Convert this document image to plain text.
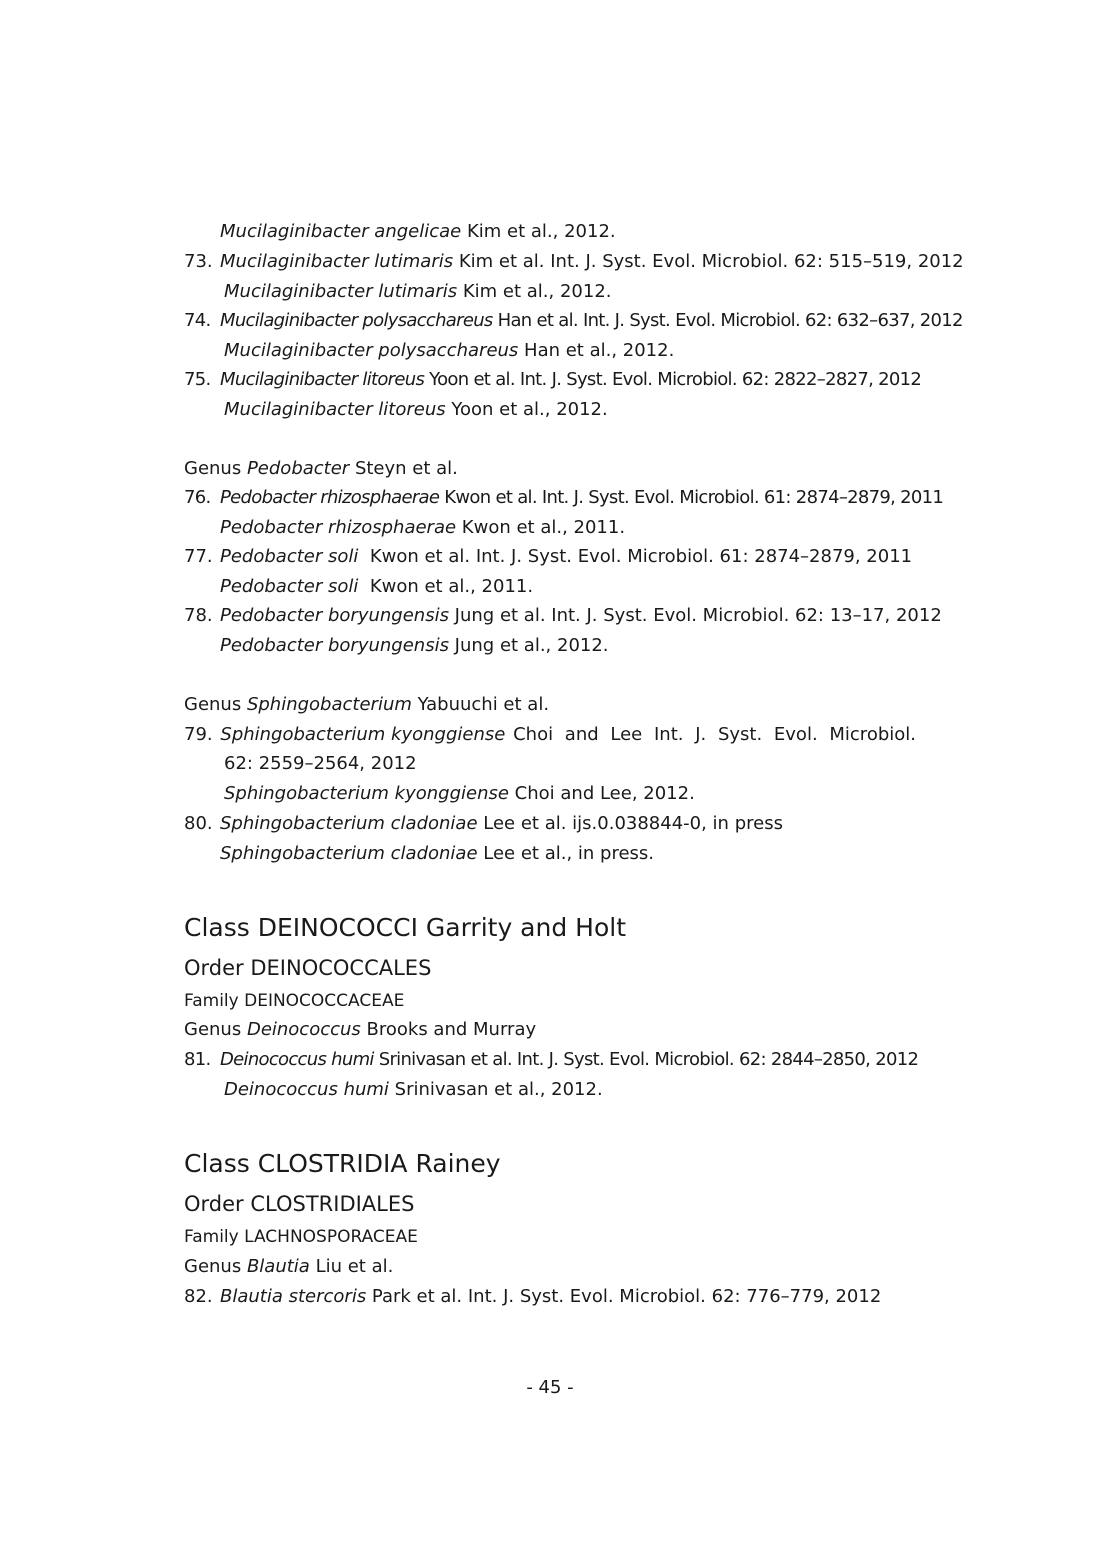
Mucilaginibacter angelicae Kim et al., 2012.
73. Mucilaginibacter lutimaris Kim et al. Int. J. Syst. Evol. Microbiol. 62: 515–519, 2012
Mucilaginibacter lutimaris Kim et al., 2012.
74. Mucilaginibacter polysacchareus Han et al. Int. J. Syst. Evol. Microbiol. 62: 632–637, 2012
Mucilaginibacter polysacchareus Han et al., 2012.
75. Mucilaginibacter litoreus Yoon et al. Int. J. Syst. Evol. Microbiol. 62: 2822–2827, 2012
Mucilaginibacter litoreus Yoon et al., 2012.
Genus Pedobacter Steyn et al.
76. Pedobacter rhizosphaerae Kwon et al. Int. J. Syst. Evol. Microbiol. 61: 2874–2879, 2011
Pedobacter rhizosphaerae Kwon et al., 2011.
77. Pedobacter soli  Kwon et al. Int. J. Syst. Evol. Microbiol. 61: 2874–2879, 2011
Pedobacter soli  Kwon et al., 2011.
78. Pedobacter boryungensis Jung et al. Int. J. Syst. Evol. Microbiol. 62: 13–17, 2012
Pedobacter boryungensis Jung et al., 2012.
Genus Sphingobacterium Yabuuchi et al.
79. Sphingobacterium kyonggiense Choi and Lee Int. J. Syst. Evol. Microbiol.
62: 2559–2564, 2012
Sphingobacterium kyonggiense Choi and Lee, 2012.
80. Sphingobacterium cladoniae Lee et al. ijs.0.038844-0, in press
Sphingobacterium cladoniae Lee et al., in press.
Class DEINOCOCCI Garrity and Holt
Order DEINOCOCCALES
Family DEINOCOCCACEAE
Genus Deinococcus Brooks and Murray
81. Deinococcus humi Srinivasan et al. Int. J. Syst. Evol. Microbiol. 62: 2844–2850, 2012
Deinococcus humi Srinivasan et al., 2012.
Class CLOSTRIDIA Rainey
Order CLOSTRIDIALES
Family LACHNOSPORACEAE
Genus Blautia Liu et al.
82. Blautia stercoris Park et al. Int. J. Syst. Evol. Microbiol. 62: 776–779, 2012
- 45 -
